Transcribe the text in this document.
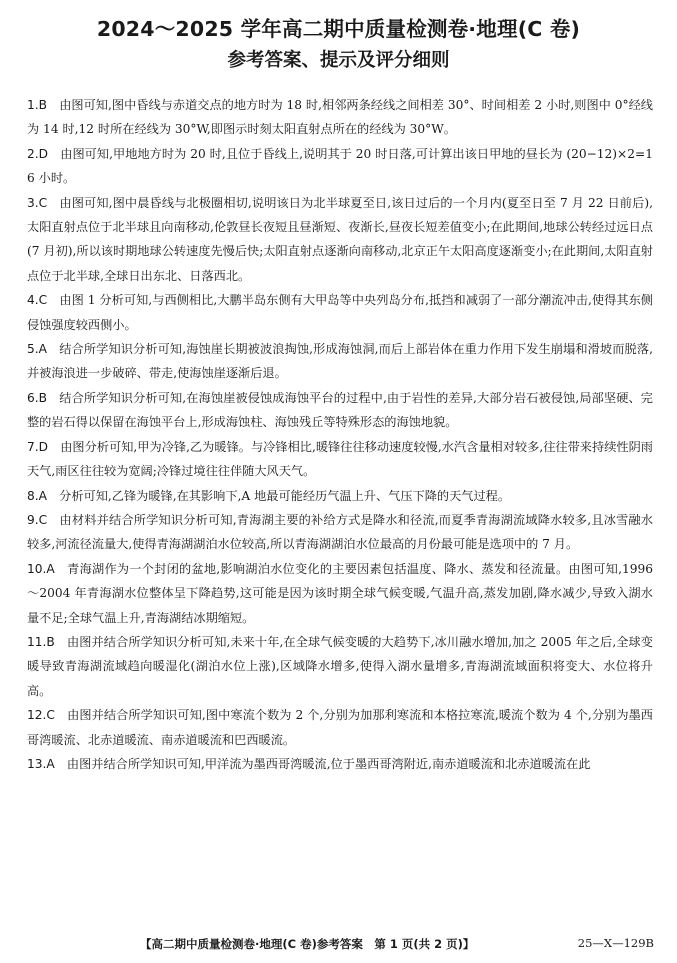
2024～2025 学年高二期中质量检测卷·地理(C 卷)
参考答案、提示及评分细则

1.B  由图可知,图中昏线与赤道交点的地方时为 18 时,相邻两条经线之间相差 30°、时间相差 2 小时,则图中 0°经线为 14 时,12 时所在经线为 30°W,即图示时刻太阳直射点所在的经线为 30°W。

2.D  由图可知,甲地地方时为 20 时,且位于昏线上,说明其于 20 时日落,可计算出该日甲地的昼长为 (20−12)×2=16 小时。

3.C  由图可知,图中晨昏线与北极圈相切,说明该日为北半球夏至日,该日过后的一个月内(夏至日至 7 月 22 日前后),太阳直射点位于北半球且向南移动,伦敦昼长夜短且昼渐短、夜渐长,昼夜长短差值变小;在此期间,地球公转经过远日点(7 月初),所以该时期地球公转速度先慢后快;太阳直射点逐渐向南移动,北京正午太阳高度逐渐变小;在此期间,太阳直射点位于北半球,全球日出东北、日落西北。

4.C  由图 1 分析可知,与西侧相比,大鹏半岛东侧有大甲岛等中央列岛分布,抵挡和减弱了一部分潮流冲击,使得其东侧侵蚀强度较西侧小。

5.A  结合所学知识分析可知,海蚀崖长期被波浪掏蚀,形成海蚀洞,而后上部岩体在重力作用下发生崩塌和滑坡而脱落,并被海浪进一步破碎、带走,使海蚀崖逐渐后退。

6.B  结合所学知识分析可知,在海蚀崖被侵蚀成海蚀平台的过程中,由于岩性的差异,大部分岩石被侵蚀,局部坚硬、完整的岩石得以保留在海蚀平台上,形成海蚀柱、海蚀残丘等特殊形态的海蚀地貌。

7.D  由图分析可知,甲为冷锋,乙为暖锋。与冷锋相比,暖锋往往移动速度较慢,水汽含量相对较多,往往带来持续性阴雨天气,雨区往往较为宽阔;冷锋过境往往伴随大风天气。

8.A  分析可知,乙锋为暖锋,在其影响下,A 地最可能经历气温上升、气压下降的天气过程。

9.C  由材料并结合所学知识分析可知,青海湖主要的补给方式是降水和径流,而夏季青海湖流域降水较多,且冰雪融水较多,河流径流量大,使得青海湖湖泊水位较高,所以青海湖湖泊水位最高的月份最可能是选项中的 7 月。

10.A  青海湖作为一个封闭的盆地,影响湖泊水位变化的主要因素包括温度、降水、蒸发和径流量。由图可知,1996～2004 年青海湖水位整体呈下降趋势,这可能是因为该时期全球气候变暖,气温升高,蒸发加剧,降水减少,导致入湖水量不足;全球气温上升,青海湖结冰期缩短。

11.B  由图并结合所学知识分析可知,未来十年,在全球气候变暖的大趋势下,冰川融水增加,加之 2005 年之后,全球变暖导致青海湖流域趋向暖湿化(湖泊水位上涨),区域降水增多,使得入湖水量增多,青海湖流域面积将变大、水位将升高。

12.C  由图并结合所学知识可知,图中寒流个数为 2 个,分别为加那利寒流和本格拉寒流,暖流个数为 4 个,分别为墨西哥湾暖流、北赤道暖流、南赤道暖流和巴西暖流。

13.A  由图并结合所学知识可知,甲洋流为墨西哥湾暖流,位于墨西哥湾附近,南赤道暖流和北赤道暖流在此

【高二期中质量检测卷·地理(C 卷)参考答案　第 1 页(共 2 页)】	25—X—129B
